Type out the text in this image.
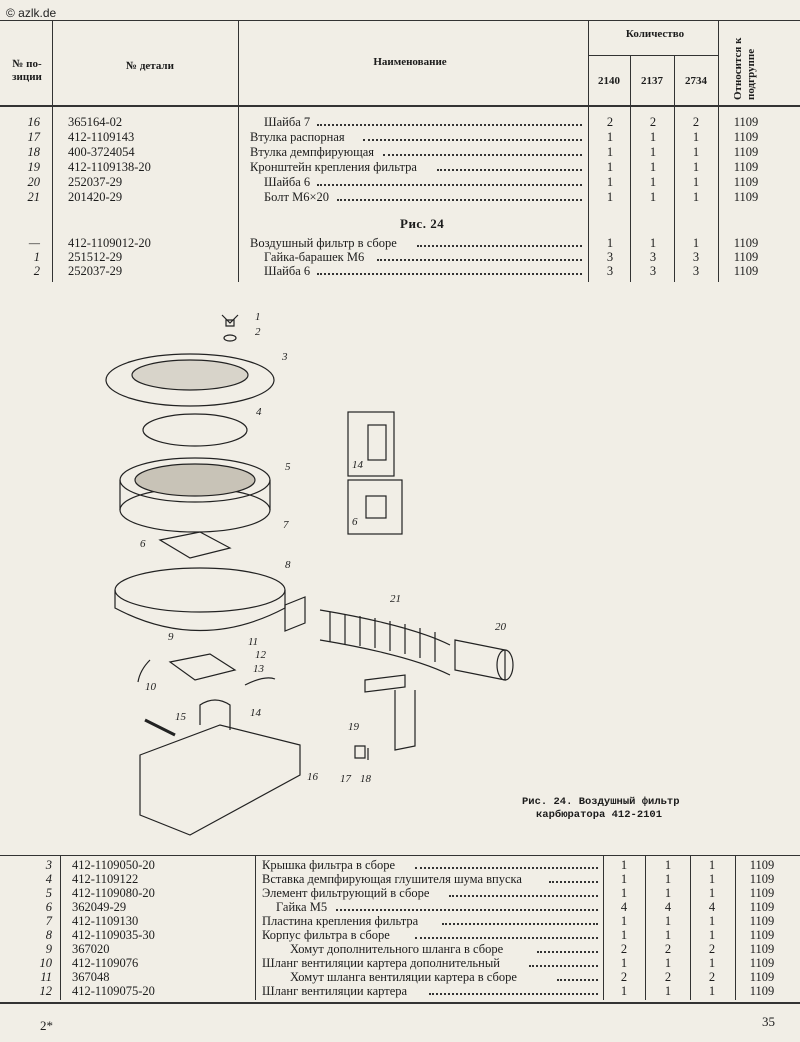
© azlk.de
№ по- зиции
№ детали	Наименование
Количество
2140	2137	2734	Относится к подгруппе
Рис. 24
1
2
3
4
5
6
7
8
9
10
11
12
13
14
15
16 17 18
19
20
21
14
6
Рис. 24. Воздушный фильтр
карбюратора 412-2101
16 365164-02	Шайба 7	2	2	2	1109
17 412-1109143	Втулка распорная	1	1	1	1109
18 400-3724054	Втулка демпфирующая	1	1	1	1109
19 412-1109138-20	Кронштейн крепления фильтра	1	1	1	1109
20 252037-29	Шайба 6	1	1	1	1109
21 201420-29	Болт М6×20	1	1	1	1109
— 412-1109012-20	Воздушный фильтр в сборе	1	1	1	1109
1 251512-29	Гайка-барашек М6	3	3	3	1109
2 252037-29	Шайба 6	3	3	3	1109
3 412-1109050-20	Крышка фильтра в сборе	1	1	1	1109
4 412-1109122	Вставка демпфирующая глушителя шума впуска	1	1	1	1109
5 412-1109080-20	Элемент фильтрующий в сборе	1	1	1	1109
6 362049-29	Гайка М5	4	4	4	1109
7 412-1109130	Пластина крепления фильтра	1	1	1	1109
8 412-1109035-30	Корпус фильтра в сборе	1	1	1	1109
9 367020	Хомут дополнительного шланга в сборе	2	2	2	1109
10 412-1109076	Шланг вентиляции картера дополнительный	1	1	1	1109
11 367048	Хомут шланга вентиляции картера в сборе	2	2	2	1109
12 412-1109075-20	Шланг вентиляции картера	1	1	1	1109
2*	35
